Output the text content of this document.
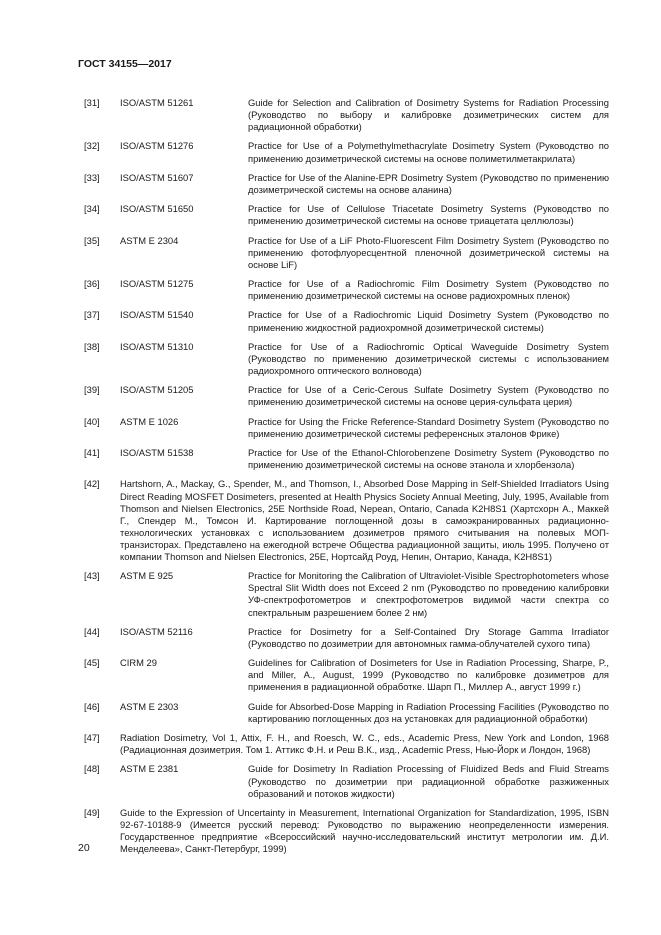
ГОСТ 34155—2017
[31] ISO/ASTM 51261	Guide for Selection and Calibration of Dosimetry Systems for Radiation Processing (Руководство по выбору и калибровке дозиметрических систем для радиационной обработки)
[32] ISO/ASTM 51276	Practice for Use of a Polymethylmethacrylate Dosimetry System (Руководство по применению дозиметрической системы на основе полиметилметакрилата)
[33] ISO/ASTM 51607	Practice for Use of the Alanine-EPR Dosimetry System (Руководство по применению дозиметрической системы на основе аланина)
[34] ISO/ASTM 51650	Practice for Use of Cellulose Triacetate Dosimetry Systems (Руководство по применению дозиметрической системы на основе триацетата целлюлозы)
[35] ASTM E 2304	Practice for Use of a LiF Photo-Fluorescent Film Dosimetry System (Руководство по применению фотофлуоресцентной пленочной дозиметрической системы на основе LiF)
[36] ISO/ASTM 51275	Practice for Use of a Radiochromic Film Dosimetry System (Руководство по применению дозиметрической системы на основе радиохромных пленок)
[37] ISO/ASTM 51540	Practice for Use of a Radiochromic Liquid Dosimetry System (Руководство по применению жидкостной радиохромной дозиметрической системы)
[38] ISO/ASTM 51310	Practice for Use of a Radiochromic Optical Waveguide Dosimetry System (Руководство по применению дозиметрической системы с использованием радиохромного оптического волновода)
[39] ISO/ASTM 51205	Practice for Use of a Ceric-Cerous Sulfate Dosimetry System (Руководство по применению дозиметрической системы на основе церия-сульфата церия)
[40] ASTM E 1026	Practice for Using the Fricke Reference-Standard Dosimetry System (Руководство по применению дозиметрической системы референсных эталонов Фрике)
[41] ISO/ASTM 51538	Practice for Use of the Ethanol-Chlorobenzene Dosimetry System (Руководство по применению дозиметрической системы на основе этанола и хлорбензола)
[42] Hartshorn, A., Mackay, G., Spender, M., and Thomson, I., Absorbed Dose Mapping in Self-Shielded Irradiators Using Direct Reading MOSFET Dosimeters, presented at Health Physics Society Annual Meeting, July, 1995, Available from Thomson and Nielsen Electronics, 25E Northside Road, Nepean, Ontario, Canada K2H8S1 (Хартсхорн А., Маккей Г., Спендер М., Томсон И. Картирование поглощенной дозы в самоэкранированных радиационно-технологических установках с использованием дозиметров прямого считывания на полевых МОП-транзисторах. Представлено на ежегодной встрече Общества радиационной защиты, июль 1995. Получено от компании Thomson and Nielsen Electronics, 25E, Нортсайд Роуд, Непин, Онтарио, Канада, K2H8S1)
[43] ASTM E 925	Practice for Monitoring the Calibration of Ultraviolet-Visible Spectrophotometers whose Spectral Slit Width does not Exceed 2 nm (Руководство по проведению калибровки УФ-спектрофотометров и спектрофотометров видимой части спектра со спектральным разрешением более 2 нм)
[44] ISO/ASTM 52116	Practice for Dosimetry for a Self-Contained Dry Storage Gamma Irradiator (Руководство по дозиметрии для автономных гамма-облучателей сухого типа)
[45] CIRM 29	Guidelines for Calibration of Dosimeters for Use in Radiation Processing, Sharpe, P., and Miller, A., August, 1999 (Руководство по калибровке дозиметров для применения в радиационной обработке. Шарп П., Миллер А., август 1999 г.)
[46] ASTM E 2303	Guide for Absorbed-Dose Mapping in Radiation Processing Facilities (Руководство по картированию поглощенных доз на установках для радиационной обработки)
[47] Radiation Dosimetry, Vol 1, Attix, F. H., and Roesch, W. C., eds., Academic Press, New York and London, 1968 (Радиационная дозиметрия. Том 1. Аттикс Ф.Н. и Реш В.К., изд., Academic Press, Нью-Йорк и Лондон, 1968)
[48] ASTM E 2381	Guide for Dosimetry In Radiation Processing of Fluidized Beds and Fluid Streams (Руководство по дозиметрии при радиационной обработке разжиженных образований и потоков жидкости)
[49] Guide to the Expression of Uncertainty in Measurement, International Organization for Standardization, 1995, ISBN 92-67-10188-9 (Имеется русский перевод: Руководство по выражению неопределенности измерения. Государственное предприятие «Всероссийский научно-исследовательский институт метрологии им. Д.И. Менделеева», Санкт-Петербург, 1999)
20
